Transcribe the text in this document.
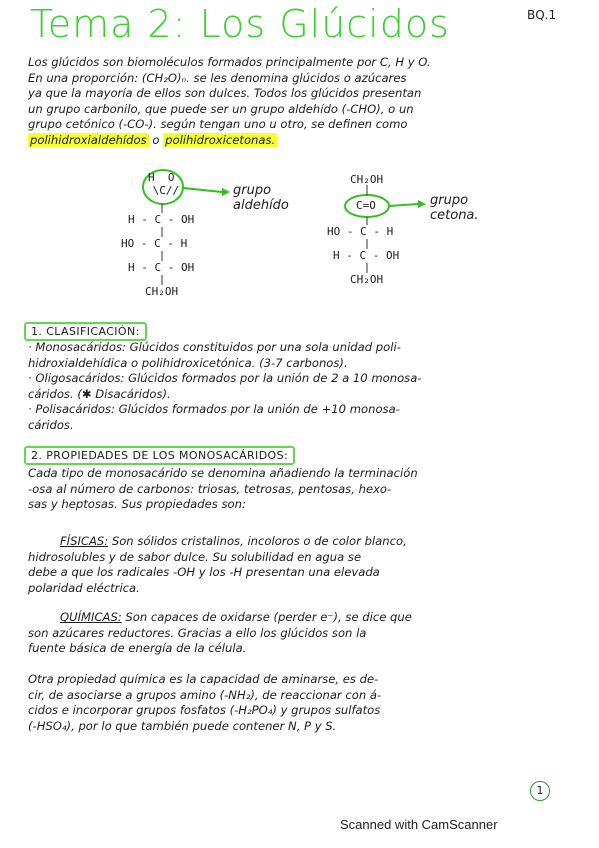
Tema 2: Los Glúcidos	BQ.1
Los glúcidos son biomoléculos formados principalmente por C, H y O.
En una proporción: (CH₂O)ₙ. se les denomina glúcidos o azúcares
ya que la mayoría de ellos son dulces. Todos los glúcidos presentan
un grupo carbonilo, que puede ser un grupo aldehído (-CHO), o un
grupo cetónico (-CO-). según tengan uno u otro, se definen como
polihidroxialdehídos o polihidroxicetonas.
H  O
\C//
H - C - OH
HO - C - H
H - C - OH
CH₂OH
grupo aldehído
CH₂OH
C=O
HO - C - H
H - C - OH
CH₂OH
grupo cetona.
1. CLASIFICACIÓN:
· Monosacáridos: Glúcidos constituidos por una sola unidad poli-
hidroxialdehídica o polihidroxicetónica. (3-7 carbonos).
· Oligosacáridos: Glúcidos formados por la unión de 2 a 10 monosa-
cáridos. (✱ Disacáridos).
· Polisacáridos: Glúcidos formados por la unión de +10 monosa-
cáridos.
2. PROPIEDADES DE LOS MONOSACÁRIDOS:
Cada tipo de monosacárido se denomina añadiendo la terminación
-osa al número de carbonos: triosas, tetrosas, pentosas, hexo-
sas y heptosas. Sus propiedades son:
FÍSICAS: Son sólidos cristalinos, incoloros o de color blanco,
hidrosolubles y de sabor dulce. Su solubilidad en agua se
debe a que los radicales -OH y los -H presentan una elevada
polaridad eléctrica.
QUÍMICAS: Son capaces de oxidarse (perder e⁻), se dice que
son azúcares reductores. Gracias a ello los glúcidos son la
fuente básica de energía de la célula.
Otra propiedad química es la capacidad de aminarse, es de-
cir, de asociarse a grupos amino (-NH₂), de reaccionar con á-
cidos e incorporar grupos fosfatos (-H₂PO₄) y grupos sulfatos
(-HSO₄), por lo que también puede contener N, P y S.
1
Scanned with CamScanner
